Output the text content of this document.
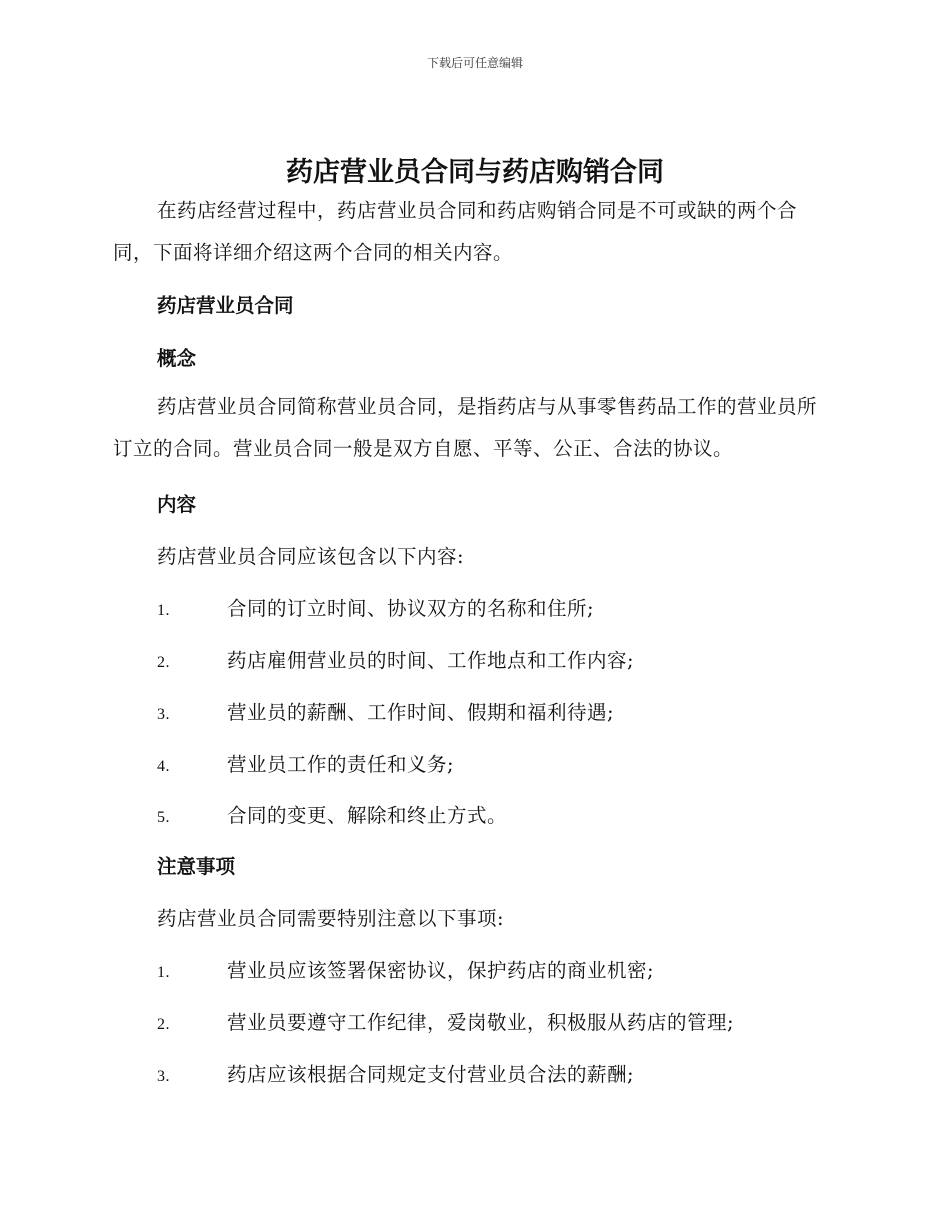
下载后可任意编辑
药店营业员合同与药店购销合同

在药店经营过程中，药店营业员合同和药店购销合同是不可或缺的两个合同，下面将详细介绍这两个合同的相关内容。

药店营业员合同
概念

药店营业员合同简称营业员合同，是指药店与从事零售药品工作的营业员所订立的合同。营业员合同一般是双方自愿、平等、公正、合法的协议。

内容

药店营业员合同应该包含以下内容:

1.	合同的订立时间、协议双方的名称和住所;
2.	药店雇佣营业员的时间、工作地点和工作内容;
3.	营业员的薪酬、工作时间、假期和福利待遇;
4.	营业员工作的责任和义务;
5.	合同的变更、解除和终止方式。
注意事项

药店营业员合同需要特别注意以下事项:

1.	营业员应该签署保密协议，保护药店的商业机密;
2.	营业员要遵守工作纪律，爱岗敬业，积极服从药店的管理;
3.	药店应该根据合同规定支付营业员合法的薪酬;
